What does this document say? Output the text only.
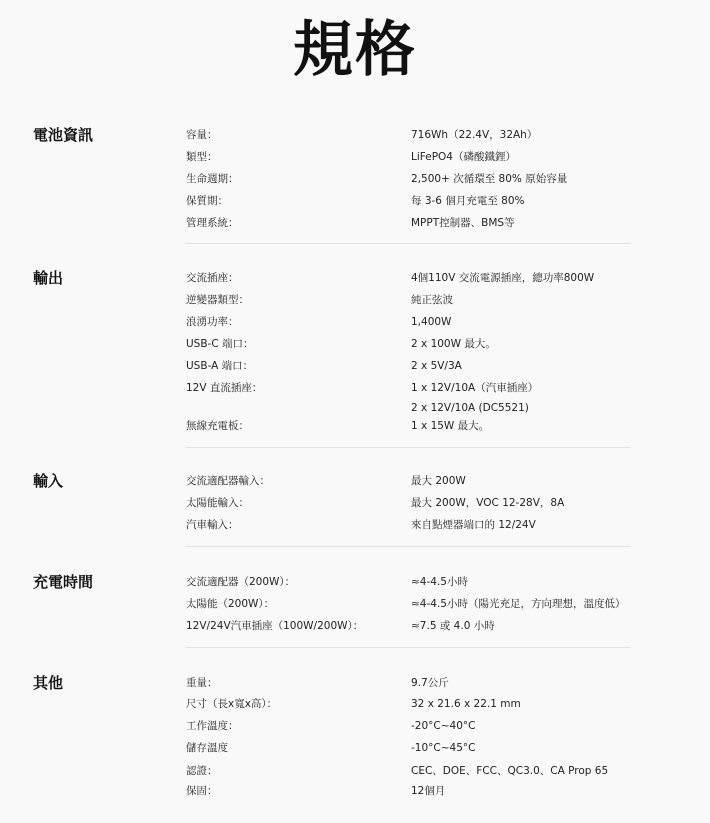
規格
電池資訊	容量：	716Wh（22.4V，32Ah）
類型：	LiFePO4（磷酸鐵鋰）
生命週期：	2,500+ 次循環至 80% 原始容量
保質期：	每 3-6 個月充電至 80%
管理系統：	MPPT控制器、BMS等
輸出	交流插座：	4個110V 交流電源插座，總功率800W
逆變器類型：	純正弦波
浪湧功率：	1,400W
USB-C 端口：	2 x 100W 最大。
USB-A 端口：	2 x 5V/3A
12V 直流插座：	1 x 12V/10A（汽車插座）
2 x 12V/10A (DC5521)
無線充電板：	1 x 15W 最大。
輸入	交流適配器輸入：	最大 200W
太陽能輸入：	最大 200W，VOC 12-28V，8A
汽車輸入：	來自點煙器端口的 12/24V
充電時間	交流適配器（200W）：	≈4-4.5小時
太陽能（200W）：	≈4-4.5小時（陽光充足，方向理想，溫度低）
12V/24V汽車插座（100W/200W）：	≈7.5 或 4.0 小時
其他	重量：	9.7公斤
尺寸（長x寬x高）：	32 x 21.6 x 22.1 mm
工作溫度：	-20°C~40°C
儲存溫度	-10°C~45°C
認證：	CEC、DOE、FCC、QC3.0、CA Prop 65
保固：	12個月
